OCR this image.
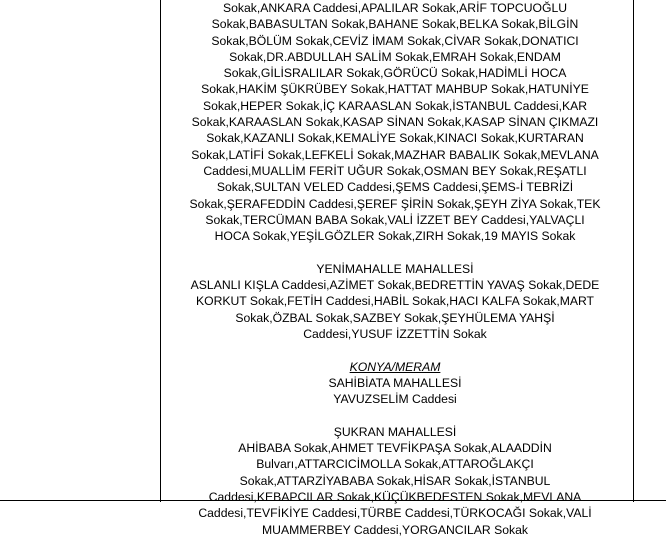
Sokak,ANKARA Caddesi,APALILAR Sokak,ARİF TOPCUOĞLU
Sokak,BABASULTAN Sokak,BAHANE Sokak,BELKA Sokak,BİLGİN
Sokak,BÖLÜM Sokak,CEVİZ İMAM Sokak,CİVAR Sokak,DONATICI
Sokak,DR.ABDULLAH SALİM Sokak,EMRAH Sokak,ENDAM
Sokak,GİLİSRALILAR Sokak,GÖRÜCÜ Sokak,HADİMLİ HOCA
Sokak,HAKİM ŞÜKRÜBEY Sokak,HATTAT MAHBUP Sokak,HATUNİYE
Sokak,HEPER Sokak,İÇ KARAASLAN Sokak,İSTANBUL Caddesi,KAR
Sokak,KARAASLAN Sokak,KASAP SİNAN Sokak,KASAP SİNAN ÇIKMAZI
Sokak,KAZANLI Sokak,KEMALİYE Sokak,KINACI Sokak,KURTARAN
Sokak,LATİFİ Sokak,LEFKELİ Sokak,MAZHAR BABALIK Sokak,MEVLANA
Caddesi,MUALLİM FERİT UĞUR Sokak,OSMAN BEY Sokak,REŞATLI
Sokak,SULTAN VELED Caddesi,ŞEMS Caddesi,ŞEMS-İ TEBRİZİ
Sokak,ŞERAFEDDİN Caddesi,ŞEREF ŞİRİN Sokak,ŞEYH ZİYA Sokak,TEK
Sokak,TERCÜMAN BABA Sokak,VALİ İZZET BEY Caddesi,YALVAÇLI
HOCA Sokak,YEŞİLGÖZLER Sokak,ZIRH Sokak,19 MAYIS Sokak
YENİMAHALLE MAHALLESİ
ASLANLI KIŞLA Caddesi,AZİMET Sokak,BEDRETTİN YAVAŞ Sokak,DEDE
KORKUT Sokak,FETİH Caddesi,HABİL Sokak,HACI KALFA Sokak,MART
Sokak,ÖZBAL Sokak,SAZBEY Sokak,ŞEYHÜLEMA YAHŞİ
Caddesi,YUSUF İZZETTİN Sokak
KONYA/MERAM
SAHİBİATA MAHALLESİ
YAVUZSELİM Caddesi
ŞUKRAN MAHALLESİ
AHİBABA Sokak,AHMET TEVFİKPAŞA Sokak,ALAADDİN
Bulvarı,ATTARCICİMOLLA Sokak,ATTAROĞLAKÇI
Sokak,ATTARZİYABABA Sokak,HİSAR Sokak,İSTANBUL
Caddesi,KEBAPCILAR Sokak,KÜÇÜKBEDESTEN Sokak,MEVLANA
Caddesi,TEVFİKİYE Caddesi,TÜRBE Caddesi,TÜRKOCAĞI Sokak,VALİ
MUAMMERBEY Caddesi,YORGANCILAR Sokak
